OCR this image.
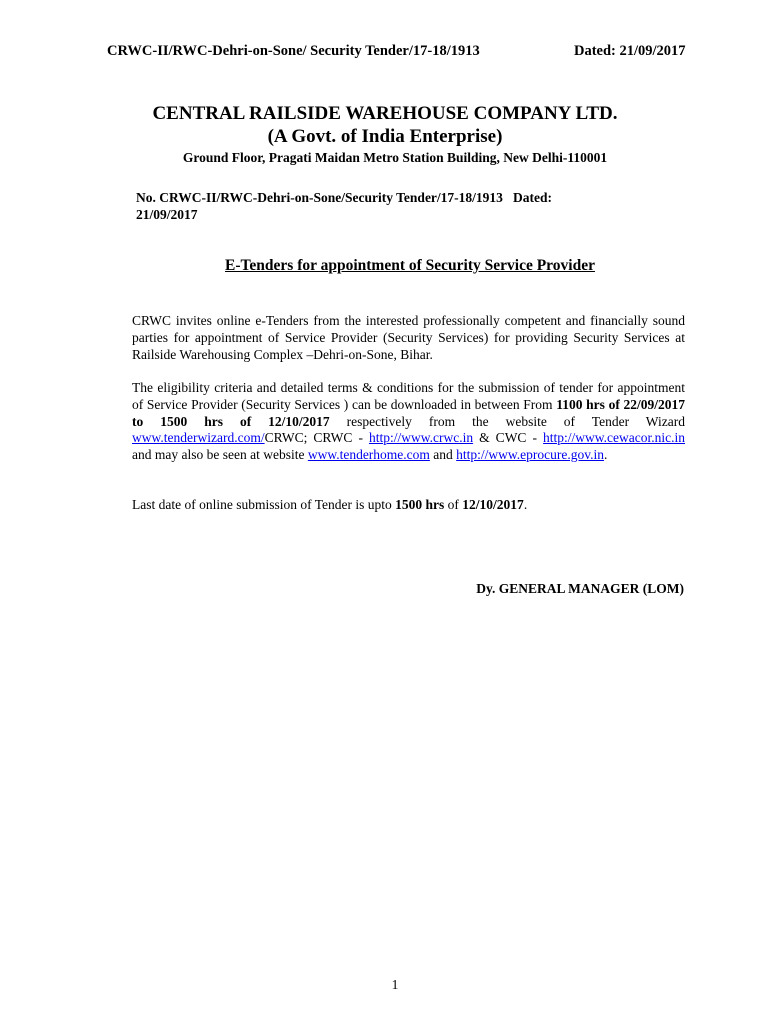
CRWC-II/RWC-Dehri-on-Sone/ Security Tender/17-18/1913	Dated: 21/09/2017
CENTRAL RAILSIDE WAREHOUSE COMPANY LTD.
(A Govt. of India Enterprise)
Ground Floor, Pragati Maidan Metro Station Building, New Delhi-110001
No. CRWC-II/RWC-Dehri-on-Sone/Security Tender/17-18/1913 Dated:
21/09/2017
E-Tenders for appointment of Security Service Provider
CRWC invites online e-Tenders from the interested professionally competent and financially sound parties for appointment of Service Provider (Security Services) for providing Security Services at Railside Warehousing Complex –Dehri-on-Sone, Bihar.
The eligibility criteria and detailed terms & conditions for the submission of tender for appointment of Service Provider (Security Services ) can be downloaded in between From 1100 hrs of 22/09/2017 to 1500 hrs of 12/10/2017 respectively from the website of Tender Wizard www.tenderwizard.com/CRWC; CRWC - http://www.crwc.in & CWC - http://www.cewacor.nic.in and may also be seen at website www.tenderhome.com and http://www.eprocure.gov.in.
Last date of online submission of Tender is upto 1500 hrs of 12/10/2017.
Dy. GENERAL MANAGER (LOM)
1
